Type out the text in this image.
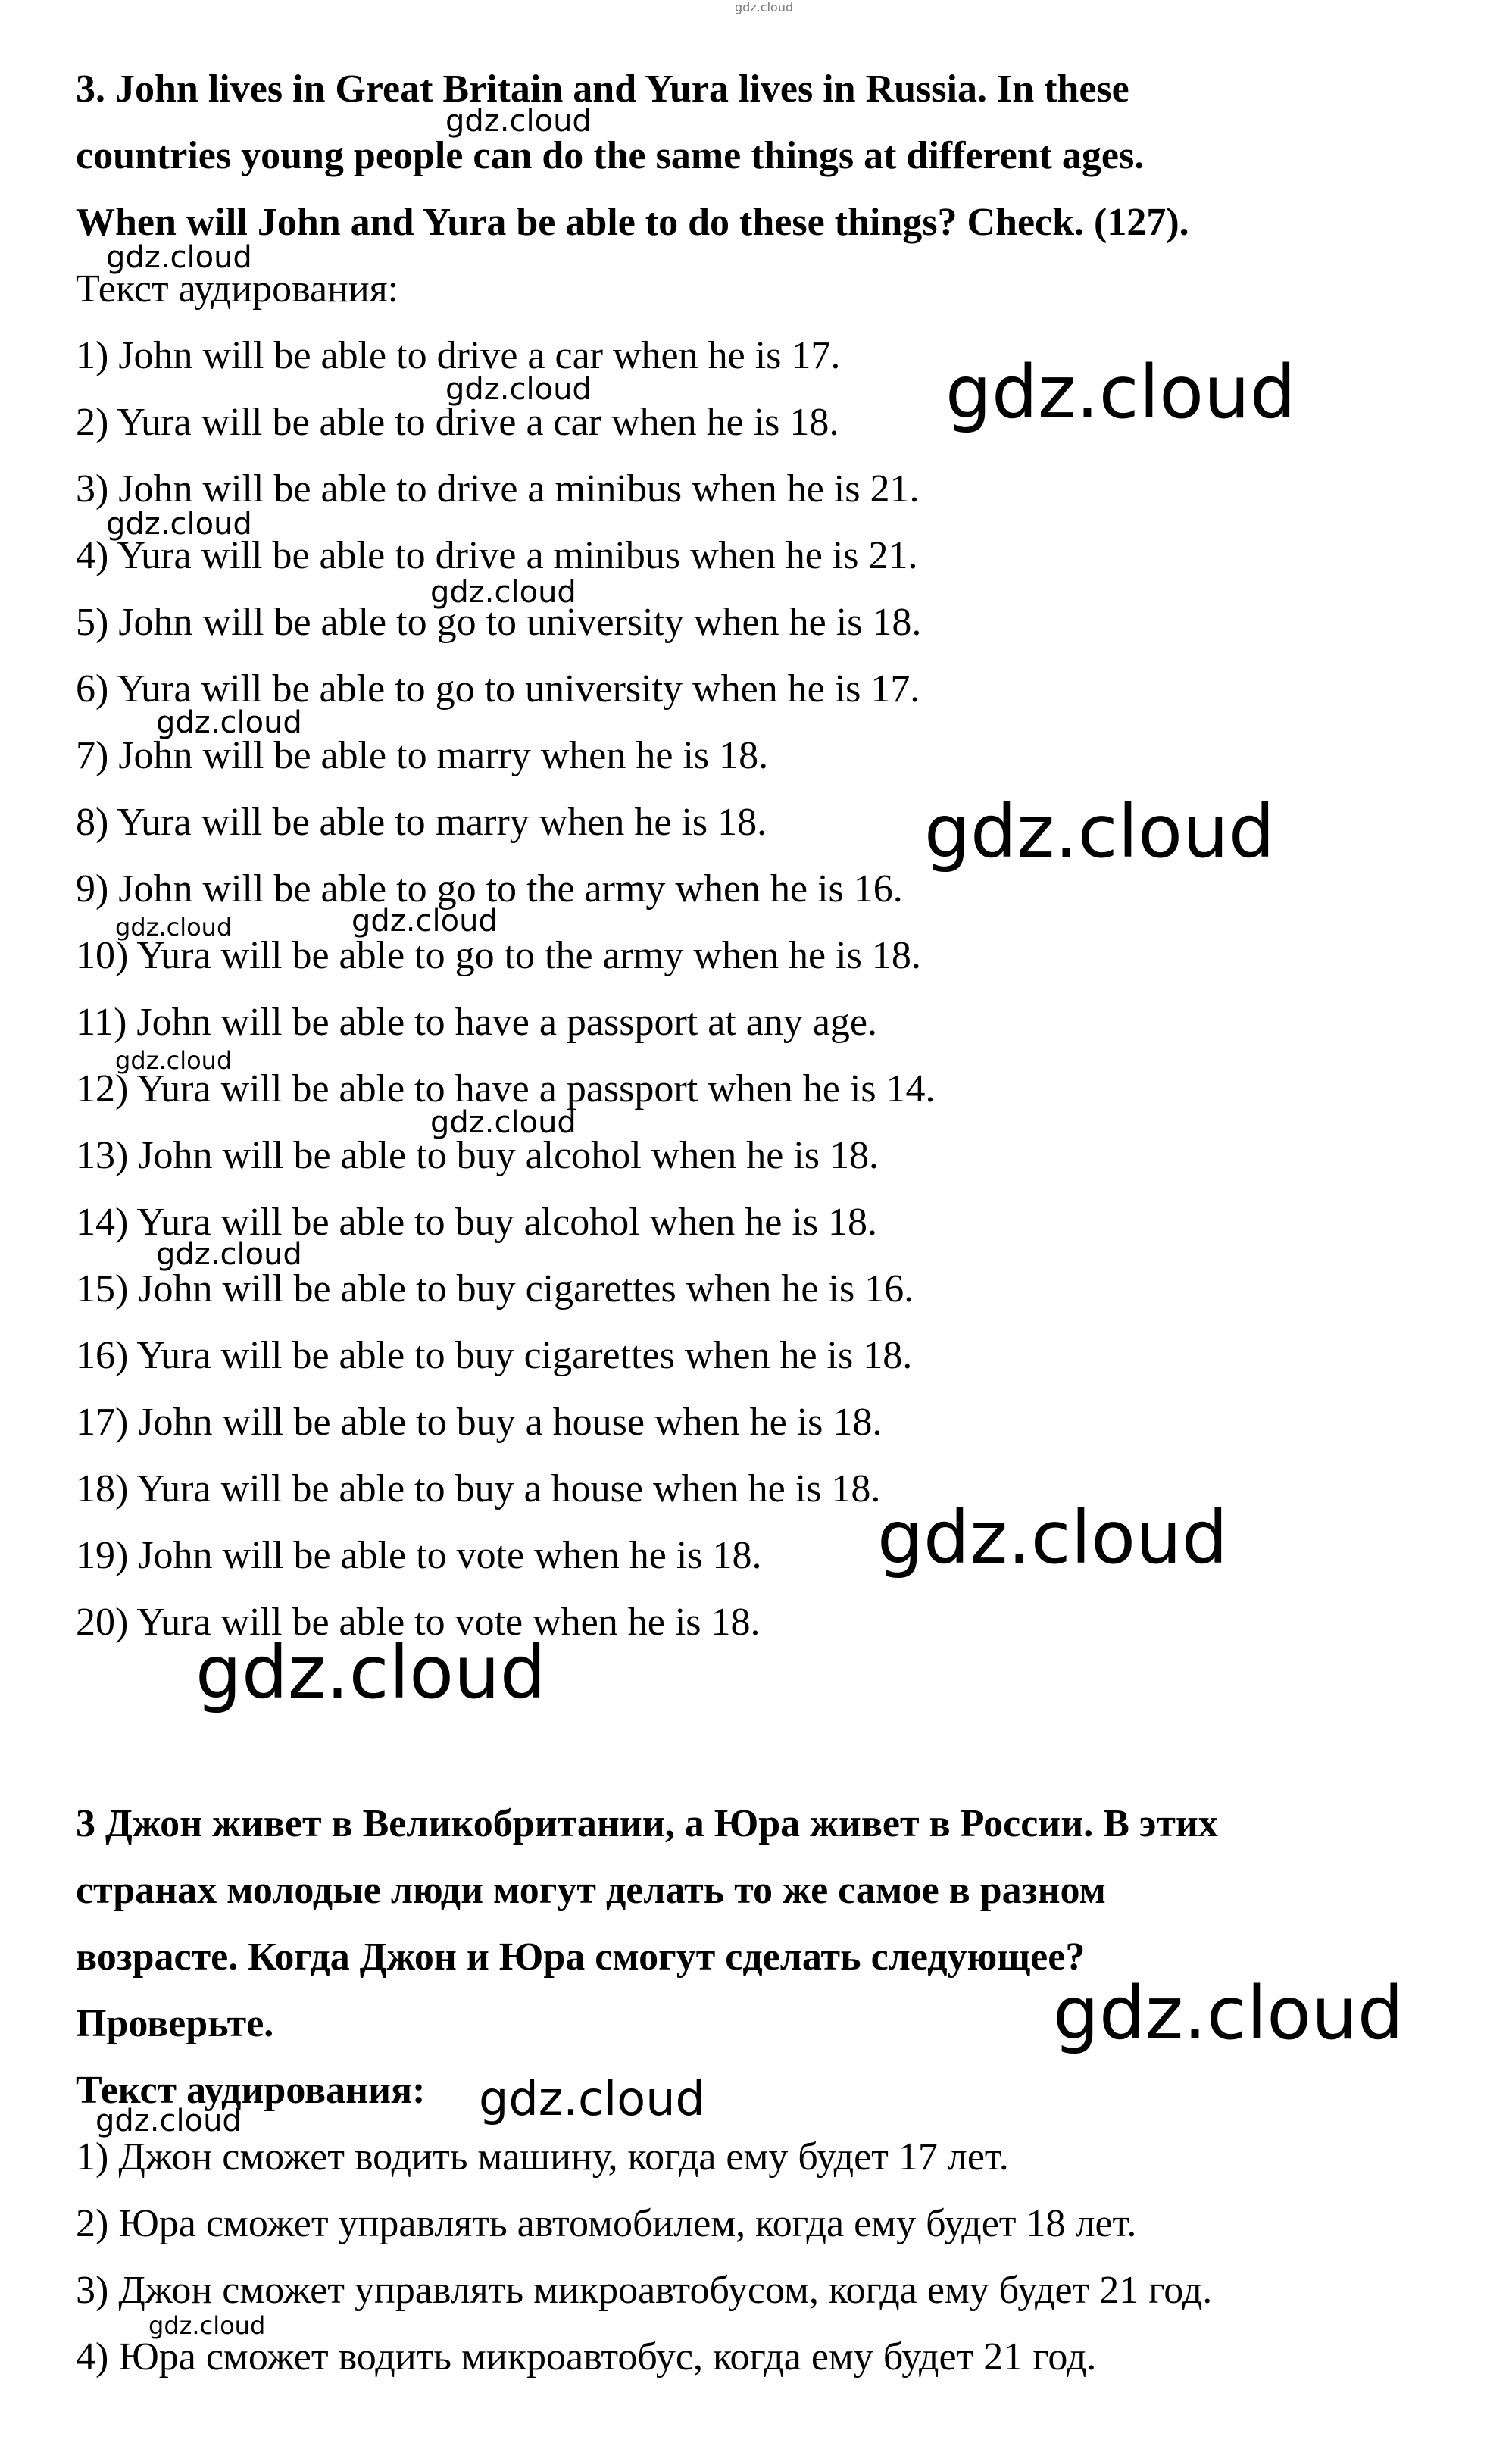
3. John lives in Great Britain and Yura lives in Russia. In these
countries young people can do the same things at different ages.
When will John and Yura be able to do these things? Check. (127).
Текст аудирования:
1) John will be able to drive a car when he is 17.
2) Yura will be able to drive a car when he is 18.
3) John will be able to drive a minibus when he is 21.
4) Yura will be able to drive a minibus when he is 21.
5) John will be able to go to university when he is 18.
6) Yura will be able to go to university when he is 17.
7) John will be able to marry when he is 18.
8) Yura will be able to marry when he is 18.
9) John will be able to go to the army when he is 16.
10) Yura will be able to go to the army when he is 18.
11) John will be able to have a passport at any age.
12) Yura will be able to have a passport when he is 14.
13) John will be able to buy alcohol when he is 18.
14) Yura will be able to buy alcohol when he is 18.
15) John will be able to buy cigarettes when he is 16.
16) Yura will be able to buy cigarettes when he is 18.
17) John will be able to buy a house when he is 18.
18) Yura will be able to buy a house when he is 18.
19) John will be able to vote when he is 18.
20) Yura will be able to vote when he is 18.
3 Джон живет в Великобритании, а Юра живет в России. В этих
странах молодые люди могут делать то же самое в разном
возрасте. Когда Джон и Юра смогут сделать следующее?
Проверьте.
Текст аудирования:
1) Джон сможет водить машину, когда ему будет 17 лет.
2) Юра сможет управлять автомобилем, когда ему будет 18 лет.
3) Джон сможет управлять микроавтобусом, когда ему будет 21 год.
4) Юра сможет водить микроавтобус, когда ему будет 21 год.
gdz.cloud
gdz.cloud
gdz.cloud
gdz.cloud	gdz.cloud
gdz.cloud
gdz.cloud
gdz.cloud
gdz.cloud
gdz.cloud	gdz.cloud
gdz.cloud
gdz.cloud
gdz.cloud
gdz.cloud
gdz.cloud
gdz.cloud
gdz.cloud
gdz.cloud
gdz.cloud
